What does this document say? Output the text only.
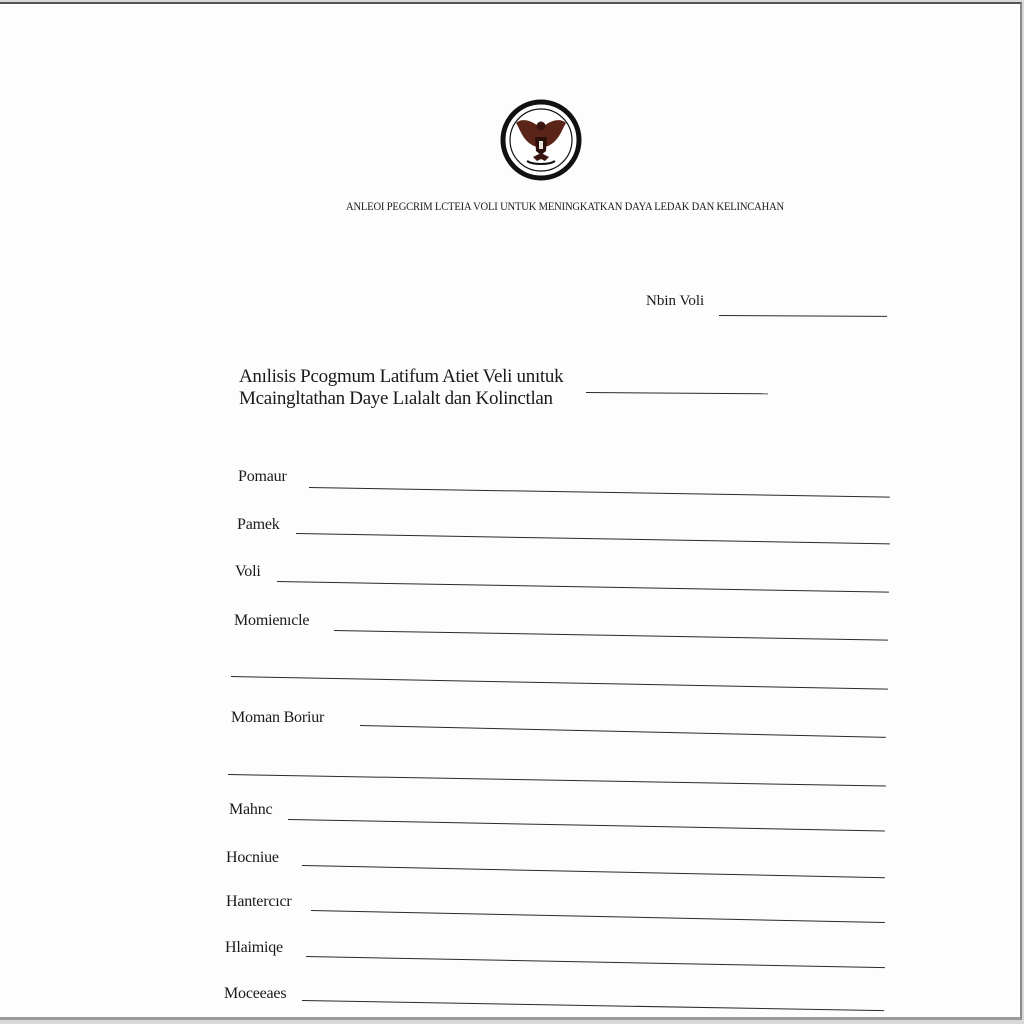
ANLEOI PEGCRIM LCTEIA VOLI UNTUK MENINGKATKAN DAYA LEDAK DAN KELINCAHAN
Nbin Voli
Anılisis Pcogmum Latifum Atiet Veli unıtuk
Mcaingltathan Daye Lıalalt dan Kolinctlan
Pomaur
Pamek
Voli
Momienıcle
Moman Boriur
Mahnc
Hocniue
Hantercıcr
Hlaimiqe
Moceeaes
